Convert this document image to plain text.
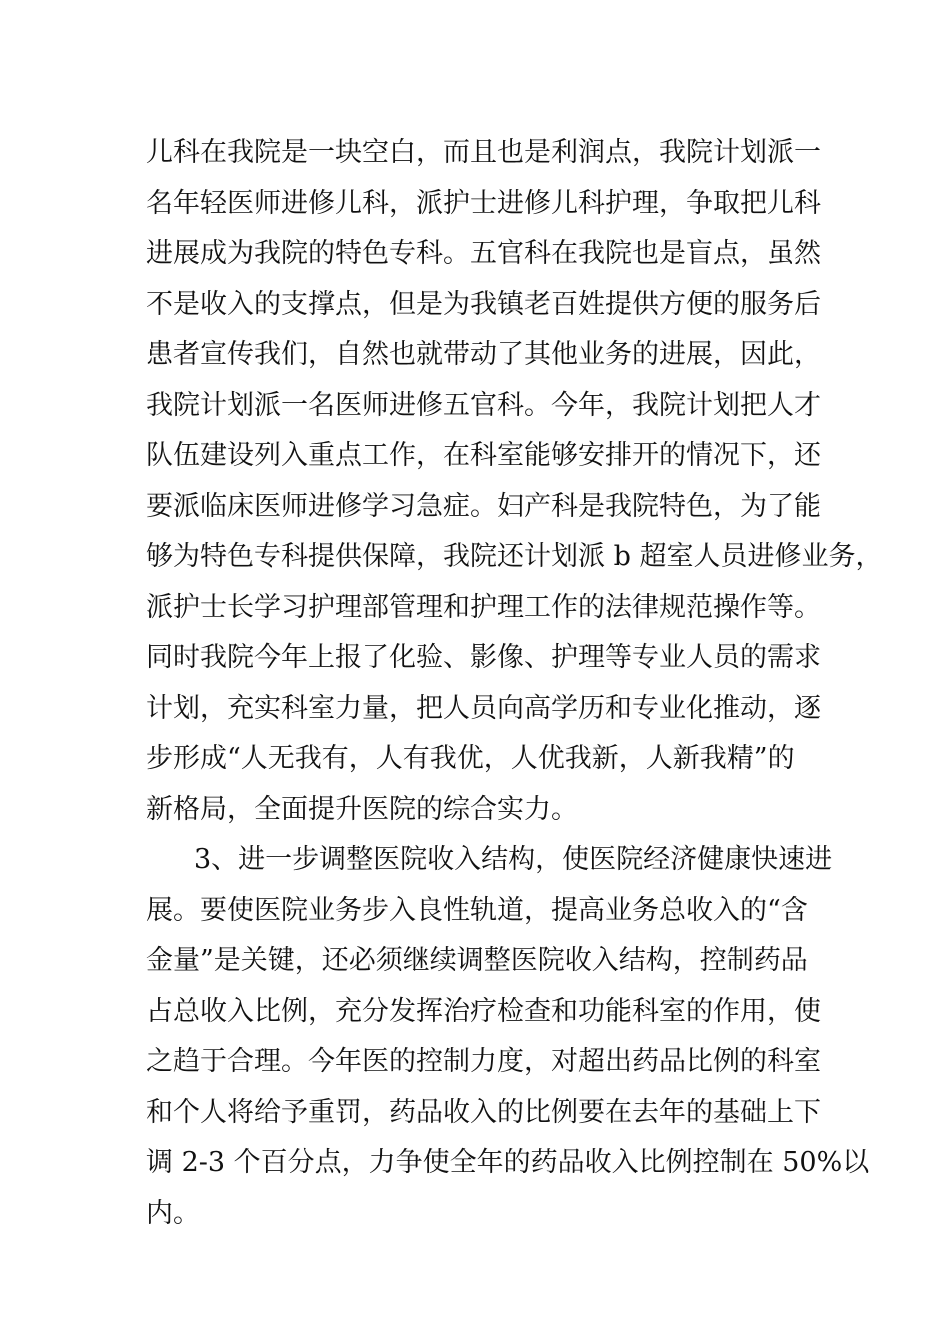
儿科在我院是一块空白，而且也是利润点，我院计划派一
名年轻医师进修儿科，派护士进修儿科护理，争取把儿科
进展成为我院的特色专科。五官科在我院也是盲点，虽然
不是收入的支撑点，但是为我镇老百姓提供方便的服务后
患者宣传我们，自然也就带动了其他业务的进展，因此，
我院计划派一名医师进修五官科。今年，我院计划把人才
队伍建设列入重点工作，在科室能够安排开的情况下，还
要派临床医师进修学习急症。妇产科是我院特色，为了能
够为特色专科提供保障，我院还计划派 b 超室人员进修业务，
派护士长学习护理部管理和护理工作的法律规范操作等。
同时我院今年上报了化验、影像、护理等专业人员的需求
计划，充实科室力量，把人员向高学历和专业化推动，逐
步形成“人无我有，人有我优，人优我新，人新我精”的
新格局，全面提升医院的综合实力。
3、进一步调整医院收入结构，使医院经济健康快速进
展。要使医院业务步入良性轨道，提高业务总收入的“含
金量”是关键，还必须继续调整医院收入结构，控制药品
占总收入比例，充分发挥治疗检查和功能科室的作用，使
之趋于合理。今年医的控制力度，对超出药品比例的科室
和个人将给予重罚，药品收入的比例要在去年的基础上下
调 2-3 个百分点，力争使全年的药品收入比例控制在 50%以
内。
